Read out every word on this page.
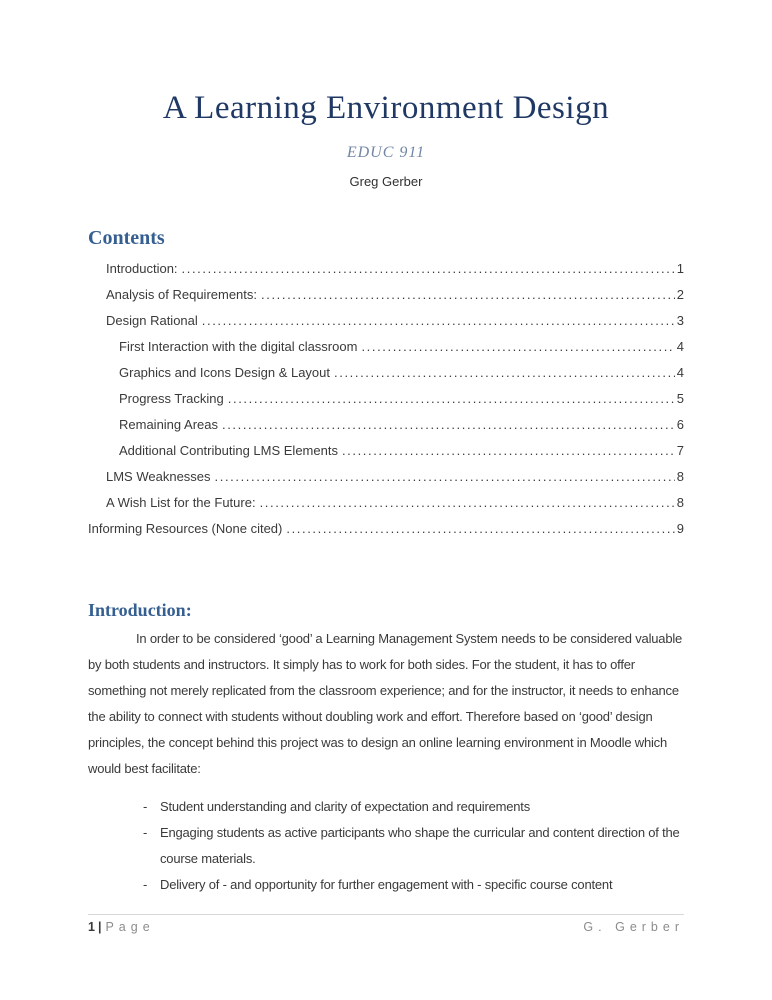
A Learning Environment Design
EDUC 911
Greg Gerber
Contents
Introduction: .....	1
Analysis of Requirements: .....	2
Design Rational .....	3
First Interaction with the digital classroom .....	4
Graphics and Icons Design & Layout .....	4
Progress Tracking .....	5
Remaining Areas .....	6
Additional Contributing LMS Elements .....	7
LMS Weaknesses .....	8
A Wish List for the Future: .....	8
Informing Resources (None cited) .....	9
Introduction:
In order to be considered ‘good’ a Learning Management System needs to be considered valuable by both students and instructors. It simply has to work for both sides. For the student, it has to offer something not merely replicated from the classroom experience; and for the instructor, it needs to enhance the ability to connect with students without doubling work and effort. Therefore based on ‘good’ design principles, the concept behind this project was to design an online learning environment in Moodle which would best facilitate:
- Student understanding and clarity of expectation and requirements
- Engaging students as active participants who shape the curricular and content direction of the course materials.
- Delivery of - and opportunity for further engagement with - specific course content
1 | Page	G. Gerber
